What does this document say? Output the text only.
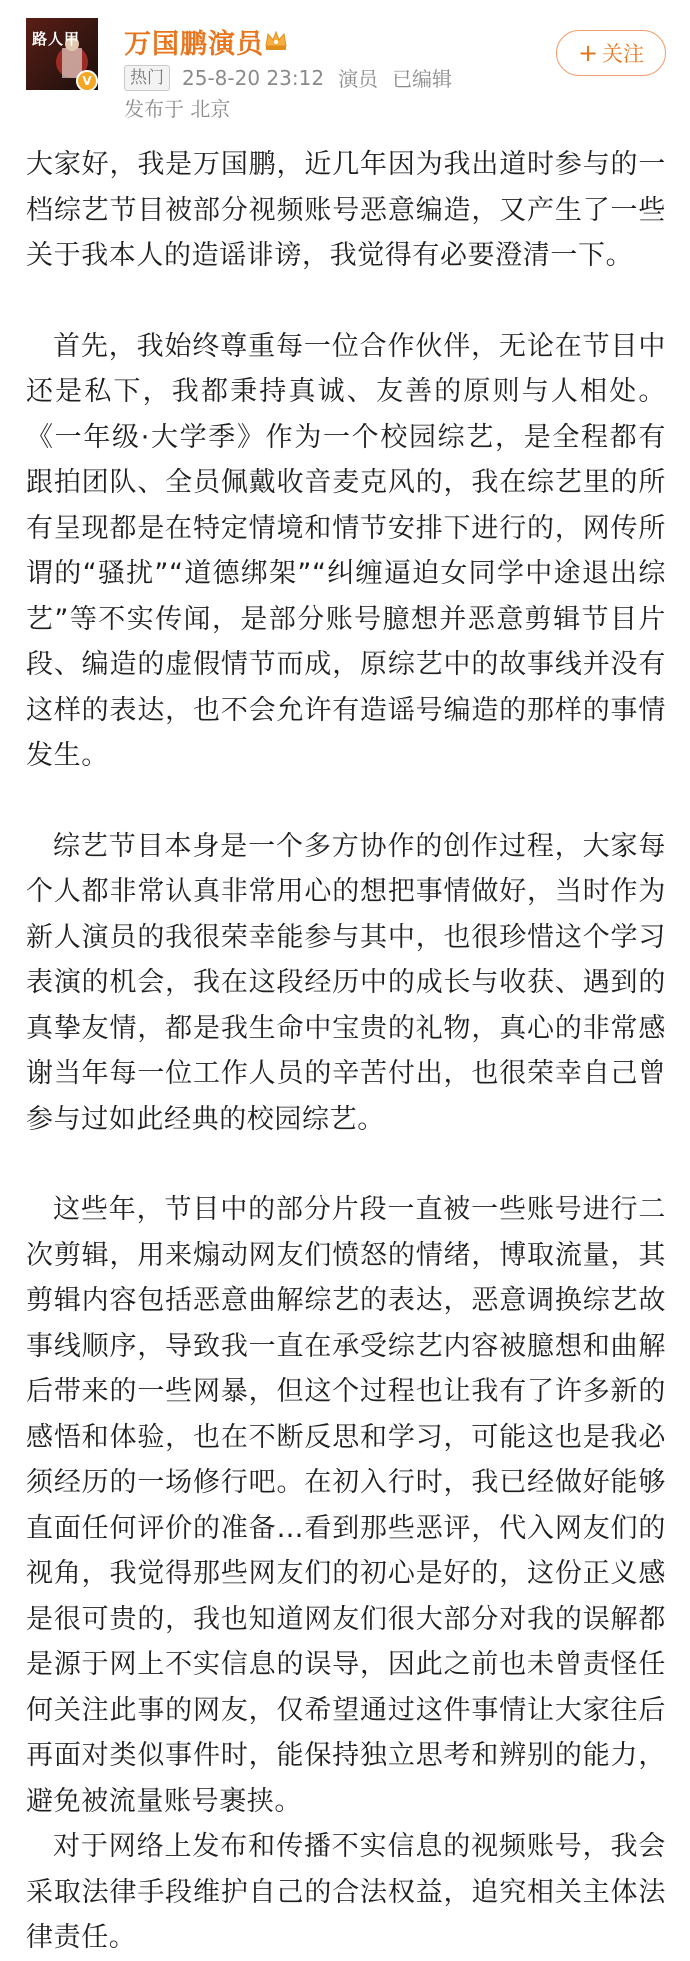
路人甲
V
万国鹏演员
热门 25-8-20 23:12 演员 已编辑
发布于 北京
+ 关注

大家好，我是万国鹏，近几年因为我出道时参与的一档综艺节目被部分视频账号恶意编造，又产生了一些关于我本人的造谣诽谤，我觉得有必要澄清一下。

首先，我始终尊重每一位合作伙伴，无论在节目中还是私下，我都秉持真诚、友善的原则与人相处。《一年级·大学季》作为一个校园综艺，是全程都有跟拍团队、全员佩戴收音麦克风的，我在综艺里的所有呈现都是在特定情境和情节安排下进行的，网传所谓的“骚扰”“道德绑架”“纠缠逼迫女同学中途退出综艺”等不实传闻，是部分账号臆想并恶意剪辑节目片段、编造的虚假情节而成，原综艺中的故事线并没有这样的表达，也不会允许有造谣号编造的那样的事情发生。

综艺节目本身是一个多方协作的创作过程，大家每个人都非常认真非常用心的想把事情做好，当时作为新人演员的我很荣幸能参与其中，也很珍惜这个学习表演的机会，我在这段经历中的成长与收获、遇到的真挚友情，都是我生命中宝贵的礼物，真心的非常感谢当年每一位工作人员的辛苦付出，也很荣幸自己曾参与过如此经典的校园综艺。

这些年，节目中的部分片段一直被一些账号进行二次剪辑，用来煽动网友们愤怒的情绪，博取流量，其剪辑内容包括恶意曲解综艺的表达，恶意调换综艺故事线顺序，导致我一直在承受综艺内容被臆想和曲解后带来的一些网暴，但这个过程也让我有了许多新的感悟和体验，也在不断反思和学习，可能这也是我必须经历的一场修行吧。在初入行时，我已经做好能够直面任何评价的准备…看到那些恶评，代入网友们的视角，我觉得那些网友们的初心是好的，这份正义感是很可贵的，我也知道网友们很大部分对我的误解都是源于网上不实信息的误导，因此之前也未曾责怪任何关注此事的网友，仅希望通过这件事情让大家往后再面对类似事件时，能保持独立思考和辨别的能力，避免被流量账号裹挟。

对于网络上发布和传播不实信息的视频账号，我会采取法律手段维护自己的合法权益，追究相关主体法律责任。
